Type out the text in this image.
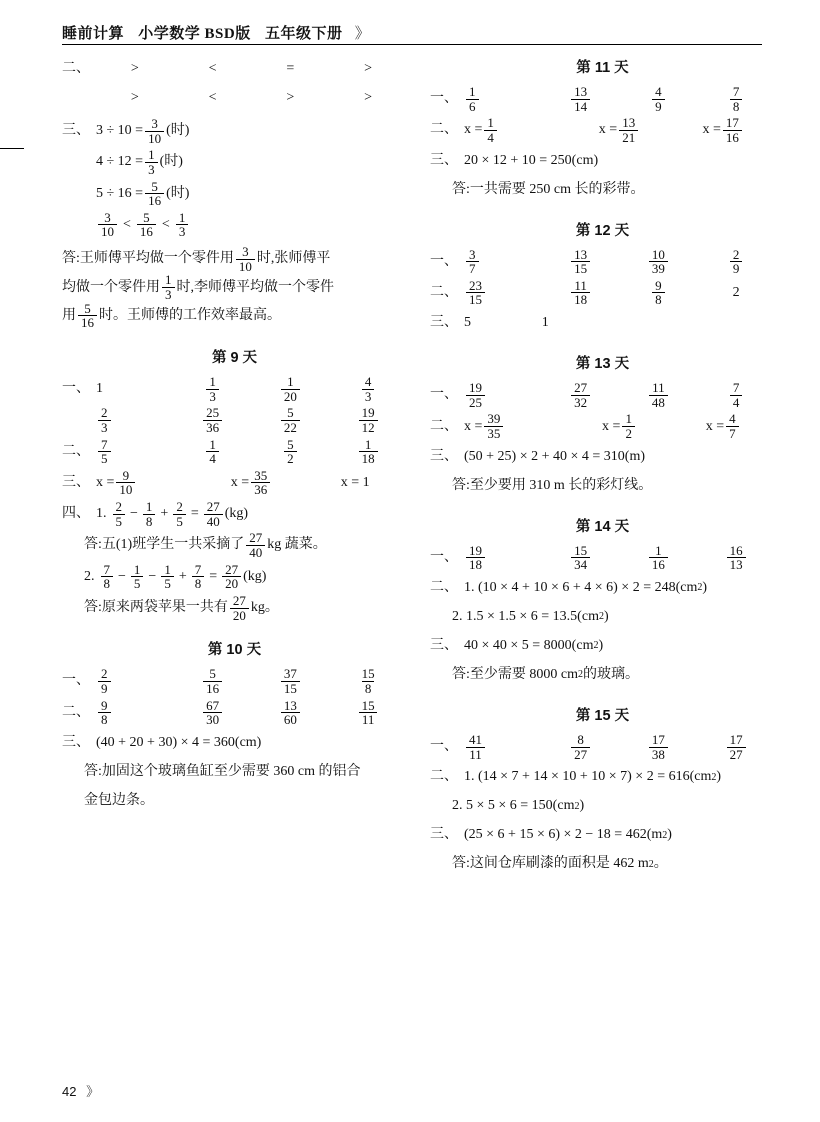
睡前计算 小学数学 BSD版 五年级下册 》
二、	>	<	=	>
>	<	>	>
三、 $3 \div 10 = \frac{3}{10}$ (时)
$4 \div 12 = \frac{1}{3}$ (时)
$5 \div 16 = \frac{5}{16}$ (时)
$\frac{3}{10} < \frac{5}{16} < \frac{1}{3}$
答:王师傅平均做一个零件用 $\frac{3}{10}$ 时,张师傅平

均做一个零件用 $\frac{1}{3}$ 时,李师傅平均做一个零件

用 $\frac{5}{16}$ 时。王师傅的工作效率最高。
第 9 天
一、 1	$\frac{1}{3}$	$\frac{1}{20}$	$\frac{4}{3}$
$\frac{2}{3}$	$\frac{25}{36}$	$\frac{5}{22}$	$\frac{19}{12}$
二、 $\frac{7}{5}$	$\frac{1}{4}$	$\frac{5}{2}$	$\frac{1}{18}$
三、 $x = \frac{9}{10}$	$x = \frac{35}{36}$	x = 1
四、 1. $\frac{2}{5} - \frac{1}{8} + \frac{2}{5} = \frac{27}{40} (kg)$
答:五(1)班学生一共采摘了 $\frac{27}{40}$ kg 蔬菜。
2. $\frac{7}{8} - \frac{1}{5} - \frac{1}{5} + \frac{7}{8} = \frac{27}{20} (kg)$
答:原来两袋苹果一共有 $\frac{27}{20}$ kg。
第 10 天
一、 $\frac{2}{9}$	$\frac{5}{16}$	$\frac{37}{15}$	$\frac{15}{8}$
二、 $\frac{9}{8}$	$\frac{67}{30}$	$\frac{13}{60}$	$\frac{15}{11}$
三、 (40 + 20 + 30) × 4 = 360(cm)
答:加固这个玻璃鱼缸至少需要 360 cm 的铝合
金包边条。
第 11 天
一、 $\frac{1}{6}$	$\frac{13}{14}$	$\frac{4}{9}$	$\frac{7}{8}$
二、 $x = \frac{1}{4}$	$x = \frac{13}{21}$	$x = \frac{17}{16}$
三、 20 × 12 + 10 = 250(cm)
答:一共需要 250 cm 长的彩带。
第 12 天
一、 $\frac{3}{7}$	$\frac{13}{15}$	$\frac{10}{39}$	$\frac{2}{9}$
二、 $\frac{23}{15}$	$\frac{11}{18}$	$\frac{9}{8}$	2
三、 5	1
第 13 天
一、 $\frac{19}{25}$	$\frac{27}{32}$	$\frac{11}{48}$	$\frac{7}{4}$
二、 $x = \frac{39}{35}$	$x = \frac{1}{2}$	$x = \frac{4}{7}$
三、 (50 + 25) × 2 + 40 × 4 = 310(m)
答:至少要用 310 m 长的彩灯线。
第 14 天
一、 $\frac{19}{18}$	$\frac{15}{34}$	$\frac{1}{16}$	$\frac{16}{13}$
二、 1. (10 × 4 + 10 × 6 + 4 × 6) × 2 = 248(cm 2 )
2. 1.5 × 1.5 × 6 = 13.5(cm 2 )
三、 40 × 40 × 5 = 8000(cm 2 )
答:至少需要 8000 cm 2 的玻璃。
第 15 天
一、 $\frac{41}{11}$	$\frac{8}{27}$	$\frac{17}{38}$	$\frac{17}{27}$
二、 1. (14 × 7 + 14 × 10 + 10 × 7) × 2 = 616(cm 2 )
2. 5 × 5 × 6 = 150(cm 2 )
三、 (25 × 6 + 15 × 6) × 2 − 18 = 462(m 2 )
答:这间仓库刷漆的面积是 462 m 2 。
42 》
